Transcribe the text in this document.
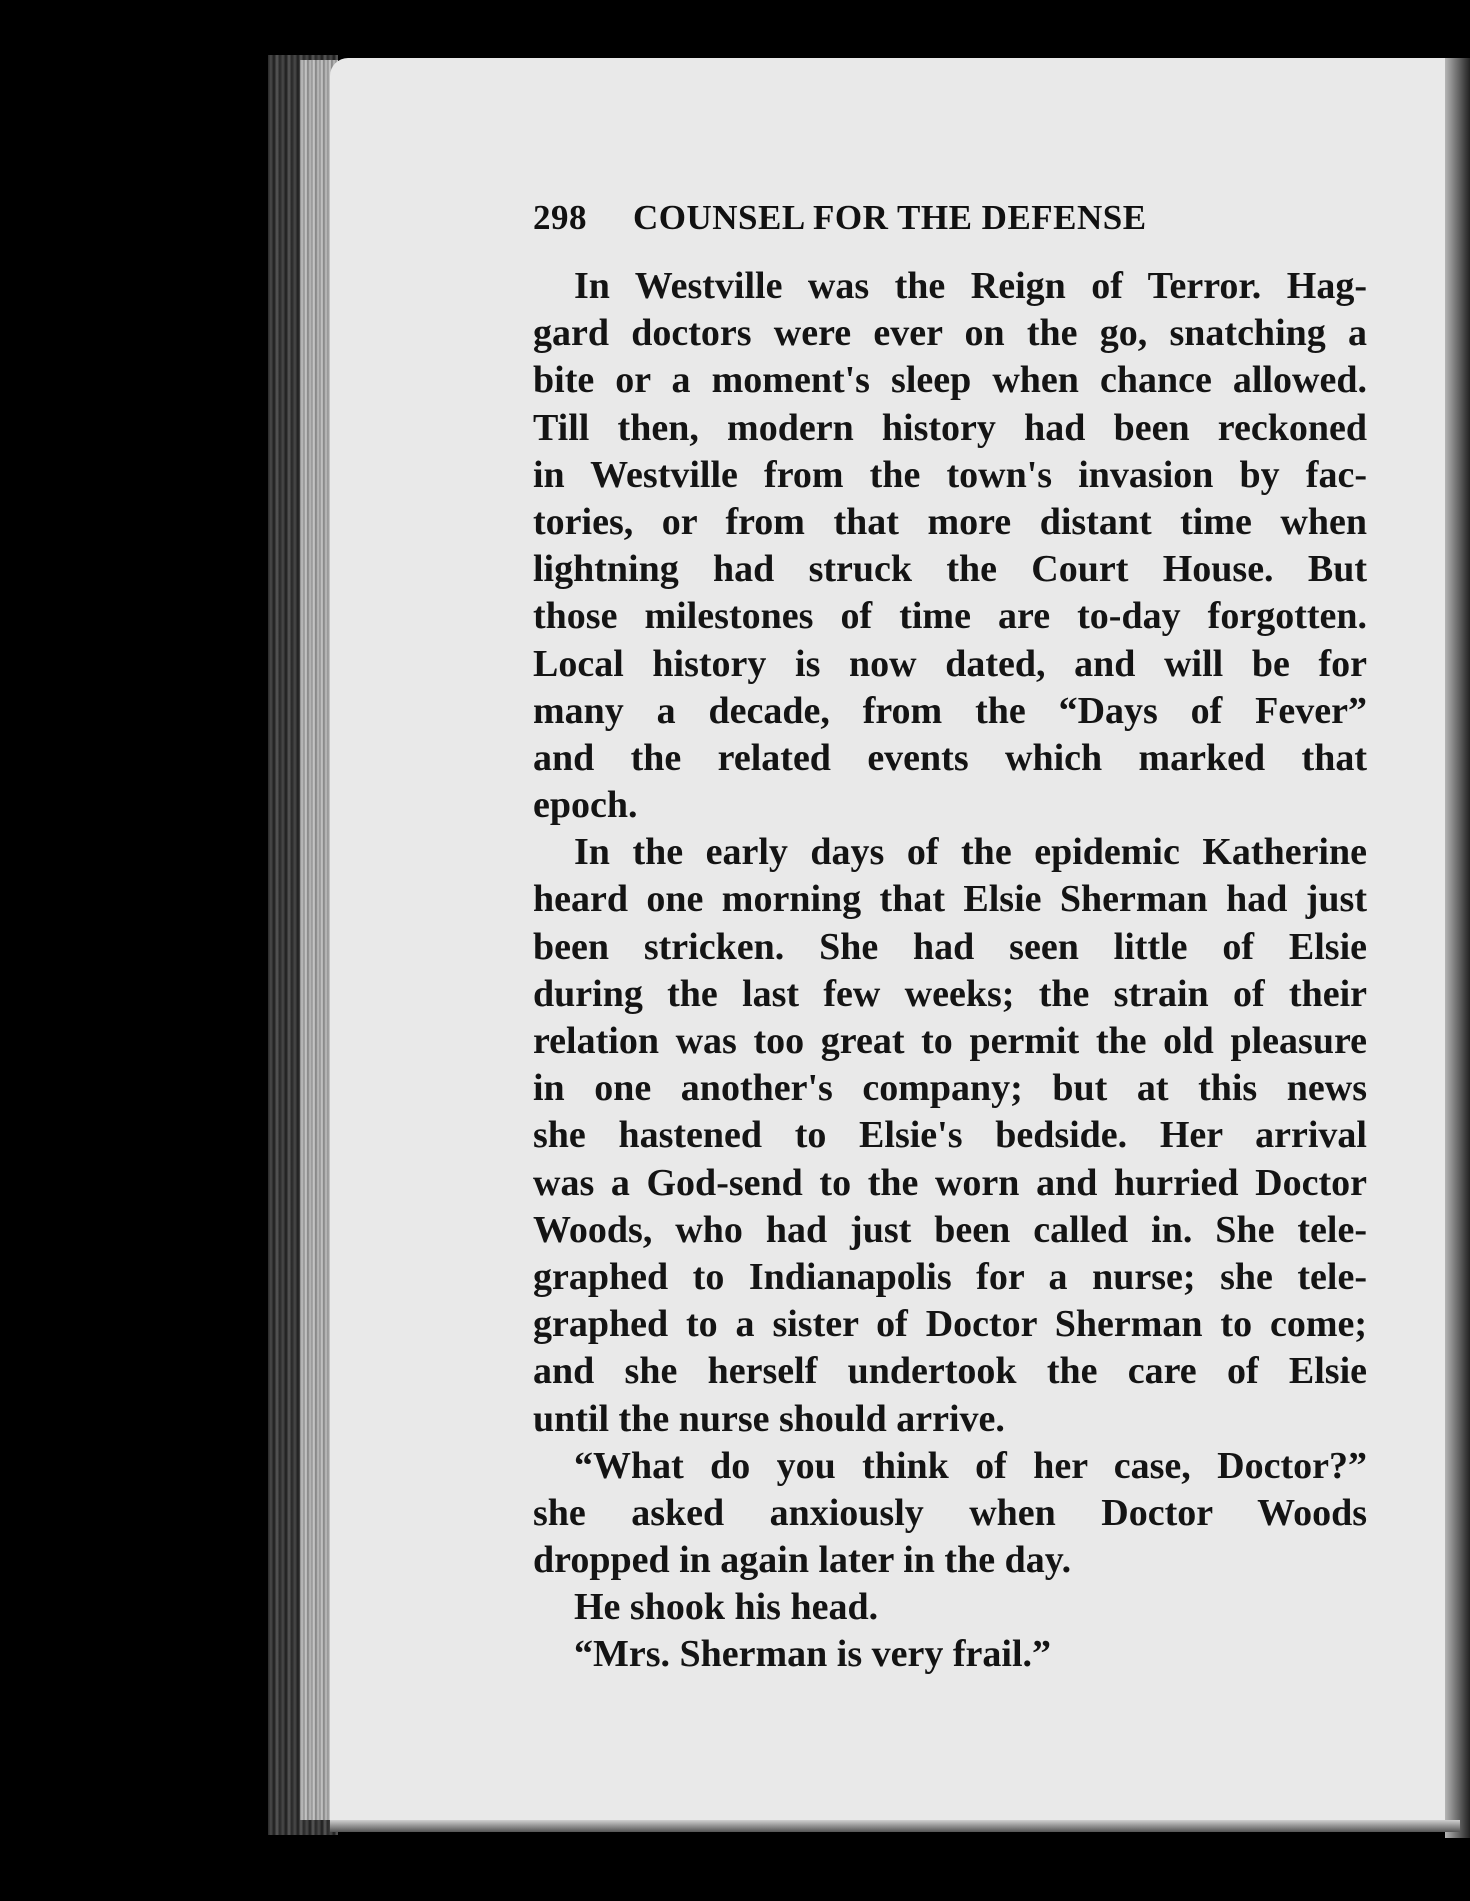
298 COUNSEL FOR THE DEFENSE
In Westville was the Reign of Terror. Hag-
gard doctors were ever on the go, snatching a
bite or a moment's sleep when chance allowed.
Till then, modern history had been reckoned
in Westville from the town's invasion by fac-
tories, or from that more distant time when
lightning had struck the Court House. But
those milestones of time are to-day forgotten.
Local history is now dated, and will be for
many a decade, from the “Days of Fever”
and the related events which marked that
epoch.
In the early days of the epidemic Katherine
heard one morning that Elsie Sherman had just
been stricken. She had seen little of Elsie
during the last few weeks; the strain of their
relation was too great to permit the old pleasure
in one another's company; but at this news
she hastened to Elsie's bedside. Her arrival
was a God-send to the worn and hurried Doctor
Woods, who had just been called in. She tele-
graphed to Indianapolis for a nurse; she tele-
graphed to a sister of Doctor Sherman to come;
and she herself undertook the care of Elsie
until the nurse should arrive.
“What do you think of her case, Doctor?”
she asked anxiously when Doctor Woods
dropped in again later in the day.
He shook his head.
“Mrs. Sherman is very frail.”
